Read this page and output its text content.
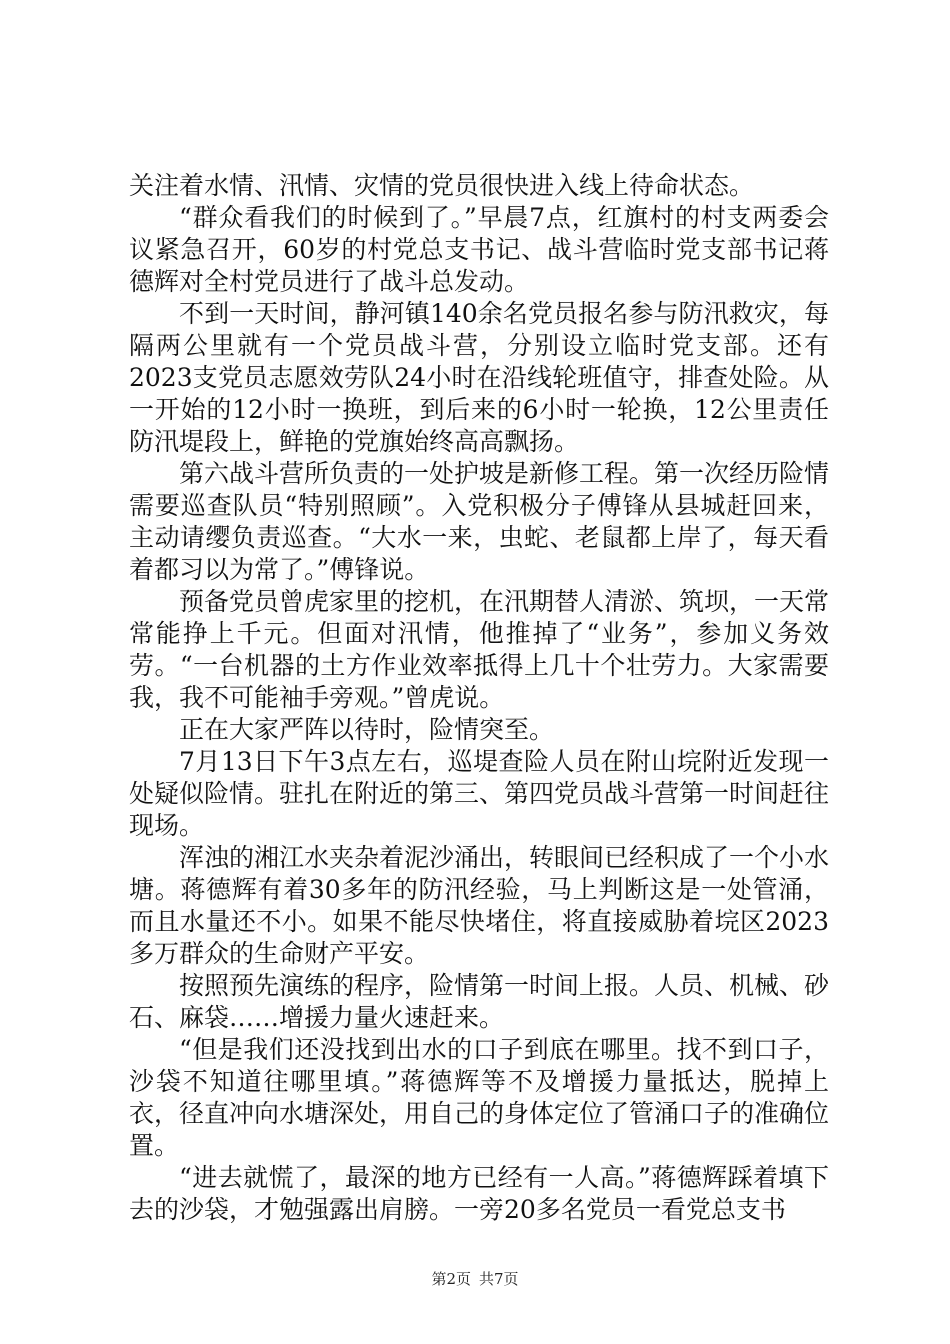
关注着水情、汛情、灾情的党员很快进入线上待命状态。

“群众看我们的时候到了。”早晨7点，红旗村的村支两委会议紧急召开，60岁的村党总支书记、战斗营临时党支部书记蒋德辉对全村党员进行了战斗总发动。

不到一天时间，静河镇140余名党员报名参与防汛救灾，每隔两公里就有一个党员战斗营，分别设立临时党支部。还有2023支党员志愿效劳队24小时在沿线轮班值守，排查处险。从一开始的12小时一换班，到后来的6小时一轮换，12公里责任防汛堤段上，鲜艳的党旗始终高高飘扬。

第六战斗营所负责的一处护坡是新修工程。第一次经历险情需要巡查队员“特别照顾”。入党积极分子傅锋从县城赶回来，主动请缨负责巡查。“大水一来，虫蛇、老鼠都上岸了，每天看着都习以为常了。”傅锋说。

预备党员曾虎家里的挖机，在汛期替人清淤、筑坝，一天常常能挣上千元。但面对汛情，他推掉了“业务”，参加义务效劳。“一台机器的土方作业效率抵得上几十个壮劳力。大家需要我，我不可能袖手旁观。”曾虎说。

正在大家严阵以待时，险情突至。

7月13日下午3点左右，巡堤查险人员在附山垸附近发现一处疑似险情。驻扎在附近的第三、第四党员战斗营第一时间赶往现场。

浑浊的湘江水夹杂着泥沙涌出，转眼间已经积成了一个小水塘。蒋德辉有着30多年的防汛经验，马上判断这是一处管涌，而且水量还不小。如果不能尽快堵住，将直接威胁着垸区2023多万群众的生命财产平安。

按照预先演练的程序，险情第一时间上报。人员、机械、砂石、麻袋……增援力量火速赶来。

“但是我们还没找到出水的口子到底在哪里。找不到口子，沙袋不知道往哪里填。”蒋德辉等不及增援力量抵达，脱掉上衣，径直冲向水塘深处，用自己的身体定位了管涌口子的准确位置。

“进去就慌了，最深的地方已经有一人高。”蒋德辉踩着填下去的沙袋，才勉强露出肩膀。一旁20多名党员一看党总支书

第2页 共7页
